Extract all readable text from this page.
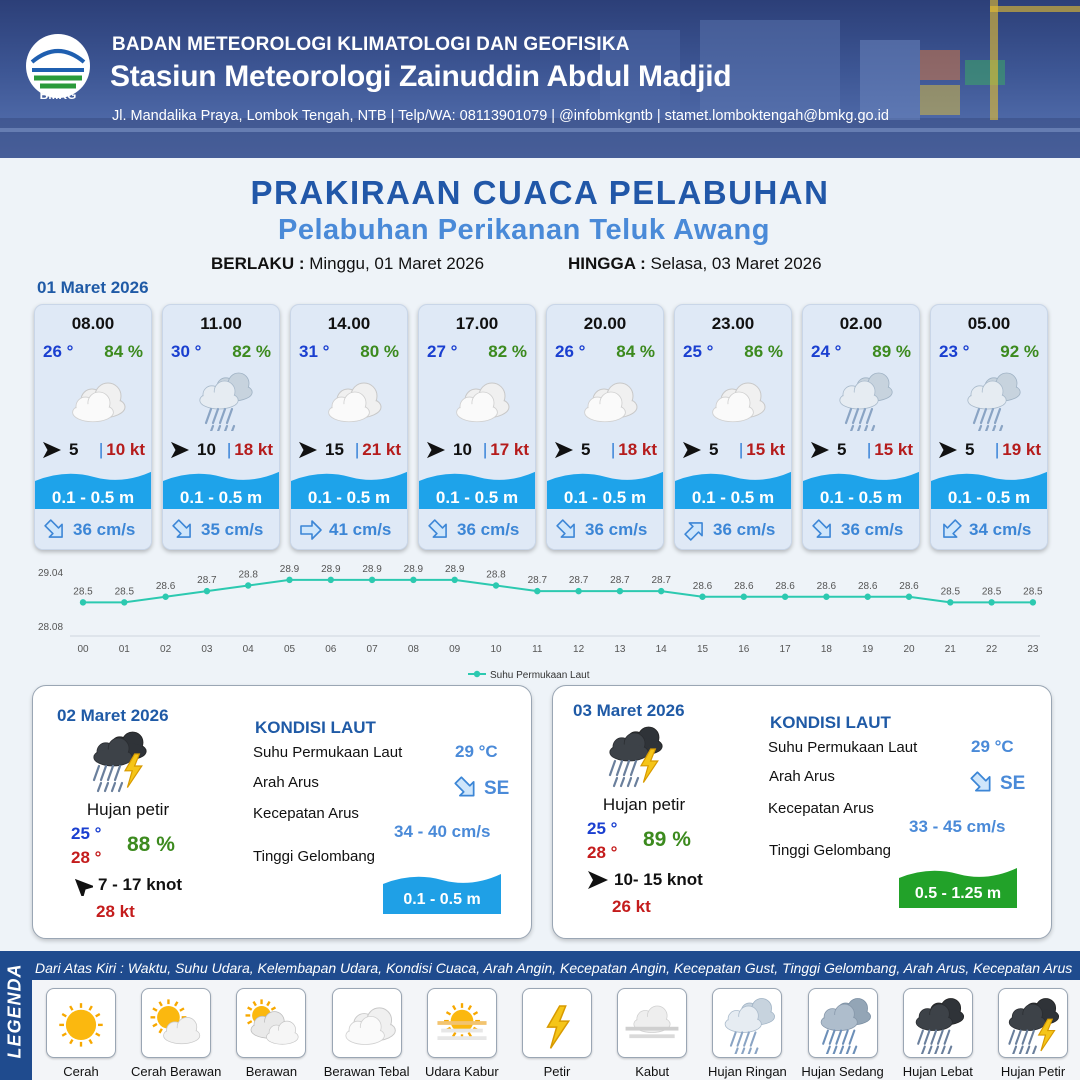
BMKG
BADAN METEOROLOGI KLIMATOLOGI DAN GEOFISIKA
Stasiun Meteorologi Zainuddin Abdul Madjid
Jl. Mandalika Praya, Lombok Tengah, NTB | Telp/WA: 08113901079 | @infobmkgntb | stamet.lomboktengah@bmkg.go.id
PRAKIRAAN CUACA PELABUHAN
Pelabuhan Perikanan Teluk Awang
BERLAKU : Minggu, 01 Maret 2026	HINGGA : Selasa, 03 Maret 2026
01 Maret 2026
08.00
26 ° 84 %
5 | 10 kt
0.1 - 0.5 m
36 cm/s
11.00
30 ° 82 %
10 | 18 kt
0.1 - 0.5 m
35 cm/s
14.00
31 ° 80 %
15 | 21 kt
0.1 - 0.5 m
41 cm/s
17.00
27 ° 82 %
10 | 17 kt
0.1 - 0.5 m
36 cm/s
20.00
26 ° 84 %
5 | 18 kt
0.1 - 0.5 m
36 cm/s
23.00
25 ° 86 %
5 | 15 kt
0.1 - 0.5 m
36 cm/s
02.00
24 ° 89 %
5 | 15 kt
0.1 - 0.5 m
36 cm/s
05.00
23 ° 92 %
5 | 19 kt
0.1 - 0.5 m
34 cm/s
29.04
28.08
28.5
00
28.5
01
28.6
02
28.7
03
28.8
04
28.9
05
28.9
06
28.9
07
28.9
08
28.9
09
28.8
10
28.7
11
28.7
12
28.7
13
28.7
14
28.6
15
28.6
16
28.6
17
28.6
18
28.6
19
28.6
20
28.5
21
28.5
22
28.5
23
Suhu Permukaan Laut
02 Maret 2026
Hujan petir
25 °
28 °
88 %
7 - 17 knot
28 kt
KONDISI LAUT
Suhu Permukaan Laut	29 °C
Arah Arus	SE
Kecepatan Arus
34 - 40 cm/s
Tinggi Gelombang
0.1 - 0.5 m
03 Maret 2026
Hujan petir
25 °
28 °
89 %
10- 15 knot
26 kt
KONDISI LAUT
Suhu Permukaan Laut	29 °C
Arah Arus	SE
Kecepatan Arus
33 - 45 cm/s
Tinggi Gelombang
0.5 - 1.25 m
LEGENDA Dari Atas Kiri : Waktu, Suhu Udara, Kelembapan Udara, Kondisi Cuaca, Arah Angin, Kecepatan Angin, Kecepatan Gust, Tinggi Gelombang, Arah Arus, Kecepatan Arus
Cerah	Cerah Berawan	Berawan	Berawan Tebal	Udara Kabur	Petir	Kabut	Hujan Ringan	Hujan Sedang	Hujan Lebat	Hujan Petir
